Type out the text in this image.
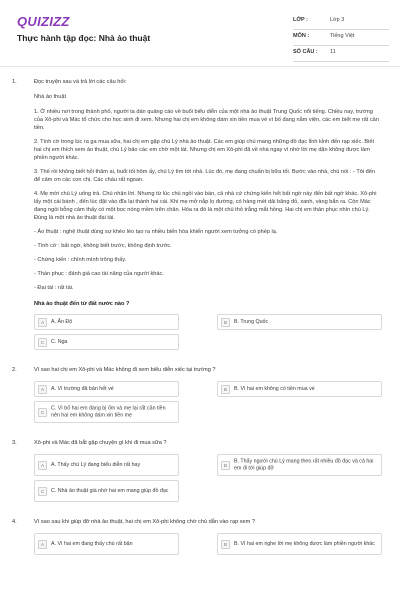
QUIZIZZ
Thực hành tập đọc: Nhà ảo thuật
LỚP :	Lớp 3
MÔN :	Tiếng Việt
SỐ CÂU : 11
1.	Đọc truyện sau và trả lời các câu hỏi:

Nhà ảo thuật

1. Ở nhiều nơi trong thành phố, người ta dán quảng cáo về buổi biểu diễn của một nhà ảo thuật Trung Quốc nổi tiếng. Chiều nay, trường của Xô-phi và Mác tổ chức cho học sinh đi xem. Nhưng hai chị em không dám xin tiền mua vé vì bố đang nằm viện, các em biết mẹ rất cần tiền.

2. Tình cờ trong lúc ra ga mua sữa, hai chị em gặp chú Lý nhà ảo thuật. Các em giúp chú mang những đồ đạc lỉnh kỉnh đến rạp xiếc. Biết hai chị em thích xem ảo thuật, chú Lý bảo các em chờ một lát. Nhưng chị em Xô-phi đã về nhà ngay vì nhớ lời mẹ dặn không được làm phiền người khác.

3. Thế rồi không biết hỏi thăm ai, buổi tối hôm ấy, chú Lý tìm tới nhà. Lúc đó, mẹ đang chuẩn bị bữa tối. Bước vào nhà, chú nói : - Tôi đến để cảm ơn các con chị. Các cháu rất ngoan.

4. Mẹ mời chú Lý uống trà. Chú nhận lời. Nhưng từ lúc chú ngồi vào bàn, cả nhà cứ chứng kiến hết bất ngờ này đến bất ngờ khác. Xô-phi lấy một cái bánh , đến lúc đặt vào đĩa lại thành hai cái. Khi mẹ mở nắp lọ đường, có hàng mét dải băng đỏ, xanh, vàng bắn ra. Còn Mác đang ngồi bỗng cảm thấy có một bọc nóng mềm trên chân. Hóa ra đó là một chú thỏ trắng mắt hồng. Hai chị em thán phục nhìn chú Lý. Đúng là một nhà ảo thuật đại tài.

- Ảo thuật : nghệ thuật dùng sự khéo léo tạo ra nhiều biến hóa khiến người xem tưởng có phép lạ.

- Tình cờ : bất ngờ, không biết trước, không định trước.

- Chứng kiến : chính mình trông thấy.

- Thán phục : đánh giá cao tài năng của người khác.

- Đại tài : rất tài.

Nhà ảo thuật đến từ đất nước nào ?
A	A. Ấn Độ	B	B. Trung Quốc
C	C. Nga
2.	Vì sao hai chị em Xô-phi và Mác không đi xem biểu diễn xiếc tại trường ?
A	A. Vì trường đã bán hết vé	B	B. Vì hai em không có tiền mua vé
C
C. Vì bố hai em đang bị ốm và mẹ lại rất cần tiền nên hai em không dám xin tiền mẹ
3.	Xô-phi và Mác đã bắt gặp chuyện gì khi đi mua sữa ?
A	A. Thấy chú Lý đang biểu diễn rất hay	B
B. Thấy người chú Lý mang theo rất nhiều đồ đạc và cả hai em đi tới giúp đỡ
C	C. Nhà ảo thuật già nhờ hai em mang giúp đồ đạc
4.	Vì sao sau khi giúp đỡ nhà ảo thuật, hai chị em Xô-phi không chờ chú dẫn vào rạp xem ?
A	A. Vì hai em đang thấy chú rất bận	B	B. Vì hai em nghe lời mẹ không được làm phiền người khác
